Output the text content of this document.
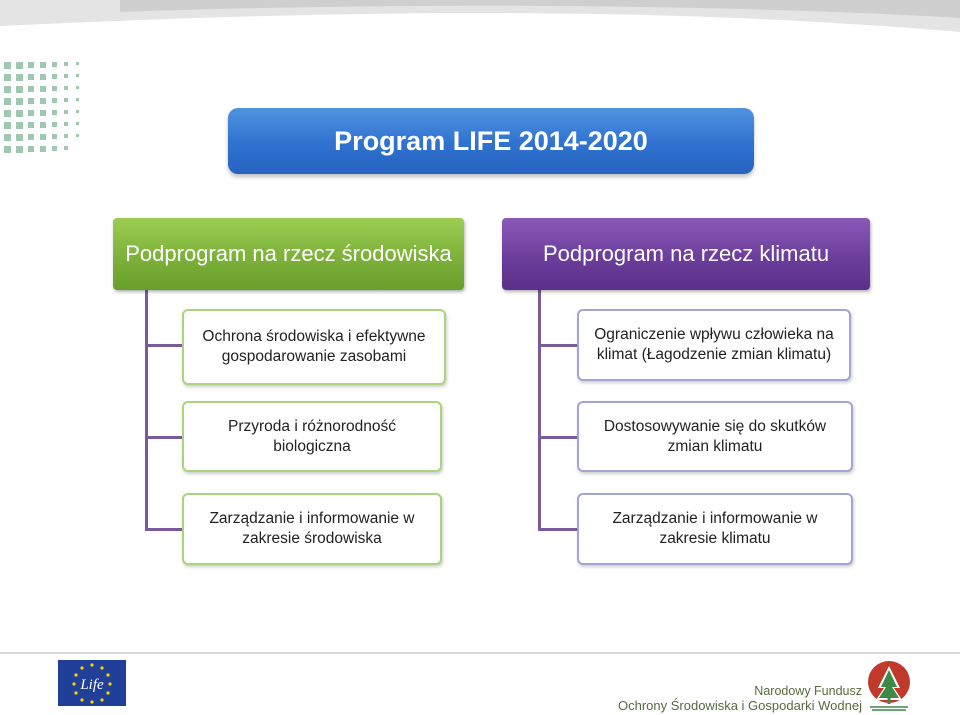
Program LIFE 2014-2020
Podprogram na rzecz środowiska	Podprogram na rzecz klimatu
Ochrona środowiska i efektywne gospodarowanie zasobami
Przyroda i różnorodność biologiczna
Zarządzanie i informowanie w zakresie środowiska
Ograniczenie wpływu człowieka na klimat (Łagodzenie zmian klimatu)
Dostosowywanie się do skutków zmian klimatu
Zarządzanie i informowanie w zakresie klimatu
Life	Narodowy Fundusz
Ochrony Środowiska i Gospodarki Wodnej
